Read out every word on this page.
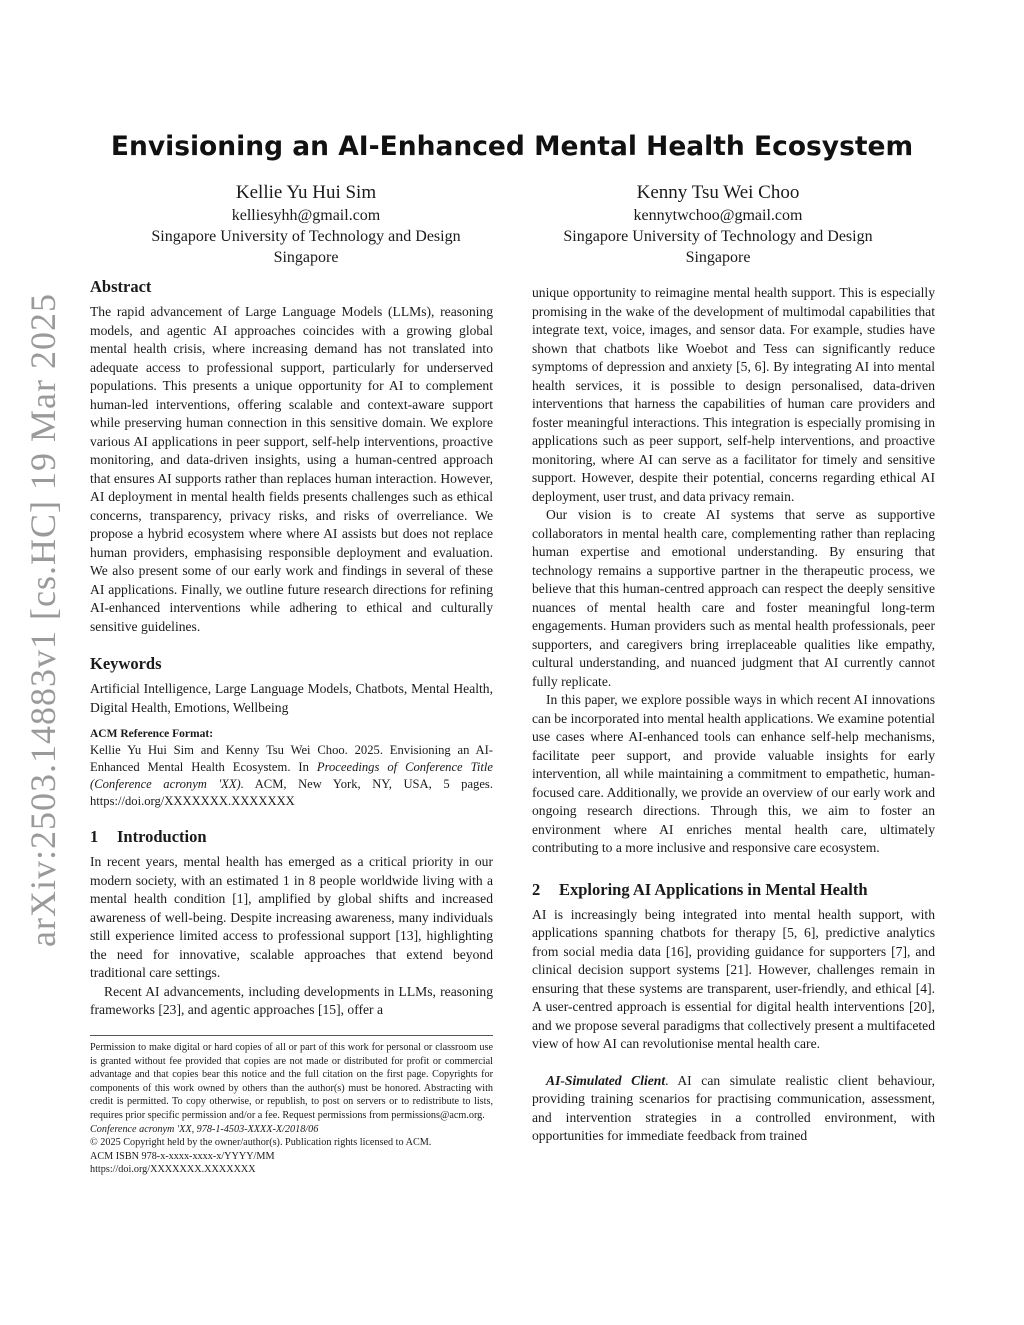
arXiv:2503.14883v1 [cs.HC] 19 Mar 2025
Envisioning an AI-Enhanced Mental Health Ecosystem
Kellie Yu Hui Sim
kelliesyhh@gmail.com
Singapore University of Technology and Design
Singapore
Kenny Tsu Wei Choo
kennytwchoo@gmail.com
Singapore University of Technology and Design
Singapore
Abstract

The rapid advancement of Large Language Models (LLMs), reasoning models, and agentic AI approaches coincides with a growing global mental health crisis, where increasing demand has not translated into adequate access to professional support, particularly for underserved populations. This presents a unique opportunity for AI to complement human-led interventions, offering scalable and context-aware support while preserving human connection in this sensitive domain. We explore various AI applications in peer support, self-help interventions, proactive monitoring, and data-driven insights, using a human-centred approach that ensures AI supports rather than replaces human interaction. However, AI deployment in mental health fields presents challenges such as ethical concerns, transparency, privacy risks, and risks of overreliance. We propose a hybrid ecosystem where where AI assists but does not replace human providers, emphasising responsible deployment and evaluation. We also present some of our early work and findings in several of these AI applications. Finally, we outline future research directions for refining AI-enhanced interventions while adhering to ethical and culturally sensitive guidelines.

Keywords

Artificial Intelligence, Large Language Models, Chatbots, Mental Health, Digital Health, Emotions, Wellbeing

ACM Reference Format:

Kellie Yu Hui Sim and Kenny Tsu Wei Choo. 2025. Envisioning an AI-Enhanced Mental Health Ecosystem. In Proceedings of Conference Title (Conference acronym 'XX). ACM, New York, NY, USA, 5 pages. https://doi.org/XXXXXXX.XXXXXXX

1 Introduction

In recent years, mental health has emerged as a critical priority in our modern society, with an estimated 1 in 8 people worldwide living with a mental health condition [1], amplified by global shifts and increased awareness of well-being. Despite increasing awareness, many individuals still experience limited access to professional support [13], highlighting the need for innovative, scalable approaches that extend beyond traditional care settings.

Recent AI advancements, including developments in LLMs, reasoning frameworks [23], and agentic approaches [15], offer a

Permission to make digital or hard copies of all or part of this work for personal or classroom use is granted without fee provided that copies are not made or distributed for profit or commercial advantage and that copies bear this notice and the full citation on the first page. Copyrights for components of this work owned by others than the author(s) must be honored. Abstracting with credit is permitted. To copy otherwise, or republish, to post on servers or to redistribute to lists, requires prior specific permission and/or a fee. Request permissions from permissions@acm.org.

Conference acronym 'XX, 978-1-4503-XXXX-X/2018/06

© 2025 Copyright held by the owner/author(s). Publication rights licensed to ACM.

ACM ISBN 978-x-xxxx-xxxx-x/YYYY/MM

https://doi.org/XXXXXXX.XXXXXXX

unique opportunity to reimagine mental health support. This is especially promising in the wake of the development of multimodal capabilities that integrate text, voice, images, and sensor data. For example, studies have shown that chatbots like Woebot and Tess can significantly reduce symptoms of depression and anxiety [5, 6]. By integrating AI into mental health services, it is possible to design personalised, data-driven interventions that harness the capabilities of human care providers and foster meaningful interactions. This integration is especially promising in applications such as peer support, self-help interventions, and proactive monitoring, where AI can serve as a facilitator for timely and sensitive support. However, despite their potential, concerns regarding ethical AI deployment, user trust, and data privacy remain.

Our vision is to create AI systems that serve as supportive collaborators in mental health care, complementing rather than replacing human expertise and emotional understanding. By ensuring that technology remains a supportive partner in the therapeutic process, we believe that this human-centred approach can respect the deeply sensitive nuances of mental health care and foster meaningful long-term engagements. Human providers such as mental health professionals, peer supporters, and caregivers bring irreplaceable qualities like empathy, cultural understanding, and nuanced judgment that AI currently cannot fully replicate.

In this paper, we explore possible ways in which recent AI innovations can be incorporated into mental health applications. We examine potential use cases where AI-enhanced tools can enhance self-help mechanisms, facilitate peer support, and provide valuable insights for early intervention, all while maintaining a commitment to empathetic, human-focused care. Additionally, we provide an overview of our early work and ongoing research directions. Through this, we aim to foster an environment where AI enriches mental health care, ultimately contributing to a more inclusive and responsive care ecosystem.

2 Exploring AI Applications in Mental Health

AI is increasingly being integrated into mental health support, with applications spanning chatbots for therapy [5, 6], predictive analytics from social media data [16], providing guidance for supporters [7], and clinical decision support systems [21]. However, challenges remain in ensuring that these systems are transparent, user-friendly, and ethical [4]. A user-centred approach is essential for digital health interventions [20], and we propose several paradigms that collectively present a multifaceted view of how AI can revolutionise mental health care.

AI-Simulated Client. AI can simulate realistic client behaviour, providing training scenarios for practising communication, assessment, and intervention strategies in a controlled environment, with opportunities for immediate feedback from trained
